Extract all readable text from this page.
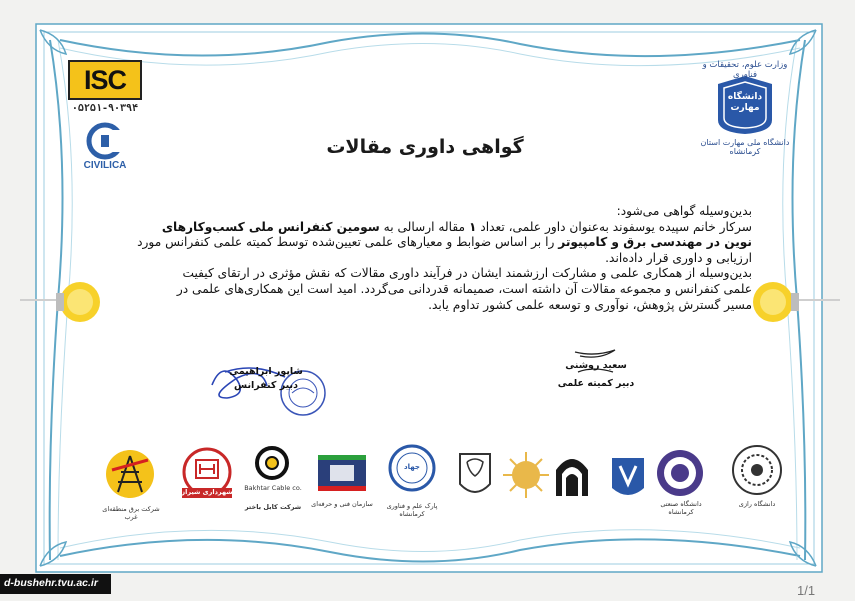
ISC
۰۵۲۵۱-۹۰۳۹۴
CIVILICA
وزارت علوم، تحقیقات و فناوری
دانشگاه مهارت
دانشگاه ملی مهارت استان کرمانشاه
گواهی داوری مقالات

بدین‌وسیله گواهی می‌شود:

سرکار خانم سپیده یوسفوند به‌عنوان داور علمی، تعداد ۱ مقاله ارسالی به سومین کنفرانس ملی کسب‌وکارهای

نوین در مهندسی برق و کامپیوتر را بر اساس ضوابط و معیارهای علمی تعیین‌شده توسط کمیته علمی کنفرانس مورد

ارزیابی و داوری قرار داده‌اند.

بدین‌وسیله از همکاری علمی و مشارکت ارزشمند ایشان در فرآیند داوری مقالات که نقش مؤثری در ارتقای کیفیت

علمی کنفرانس و مجموعه مقالات آن داشته است، صمیمانه قدردانی می‌گردد. امید است این همکاری‌های علمی در

مسیر گسترش پژوهش، نوآوری و توسعه علمی کشور تداوم یابد.

شاپور ابراهیمی
دبیر کنفرانس
سعید روشنی
دبیر کمیته علمی
شرکت برق منطقه‌ای غرب
شهرداری شیراز	Bakhtar Cable co.
شرکت کابل باختر	سازمان فنی و حرفه‌ای
جهاد
پارک علم و فناوری کرمانشاه
دانشگاه صنعتی کرمانشاه
دانشگاه رازی
d-bushehr.tvu.ac.ir	1/1
